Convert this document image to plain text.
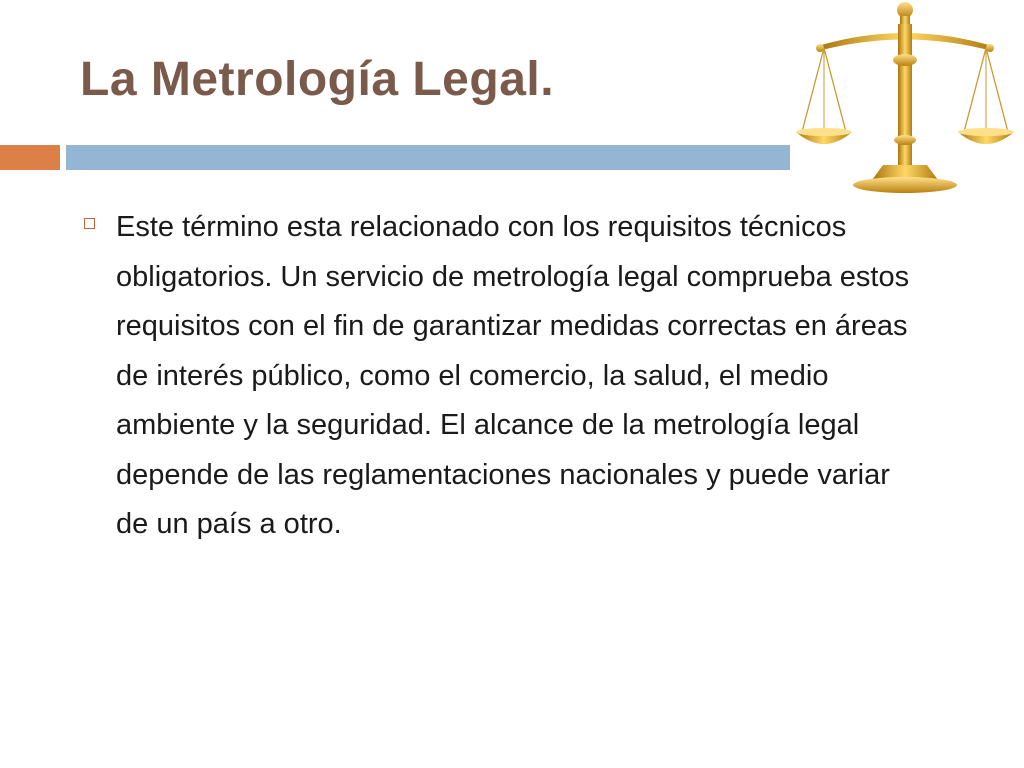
La Metrología Legal.

Este término esta relacionado con los requisitos técnicos obligatorios. Un servicio de metrología legal comprueba estos requisitos con el fin de garantizar medidas correctas en áreas de interés público, como el comercio, la salud, el medio ambiente y la seguridad. El alcance de la metrología legal depende de las reglamentaciones nacionales y puede variar de un país a otro.
